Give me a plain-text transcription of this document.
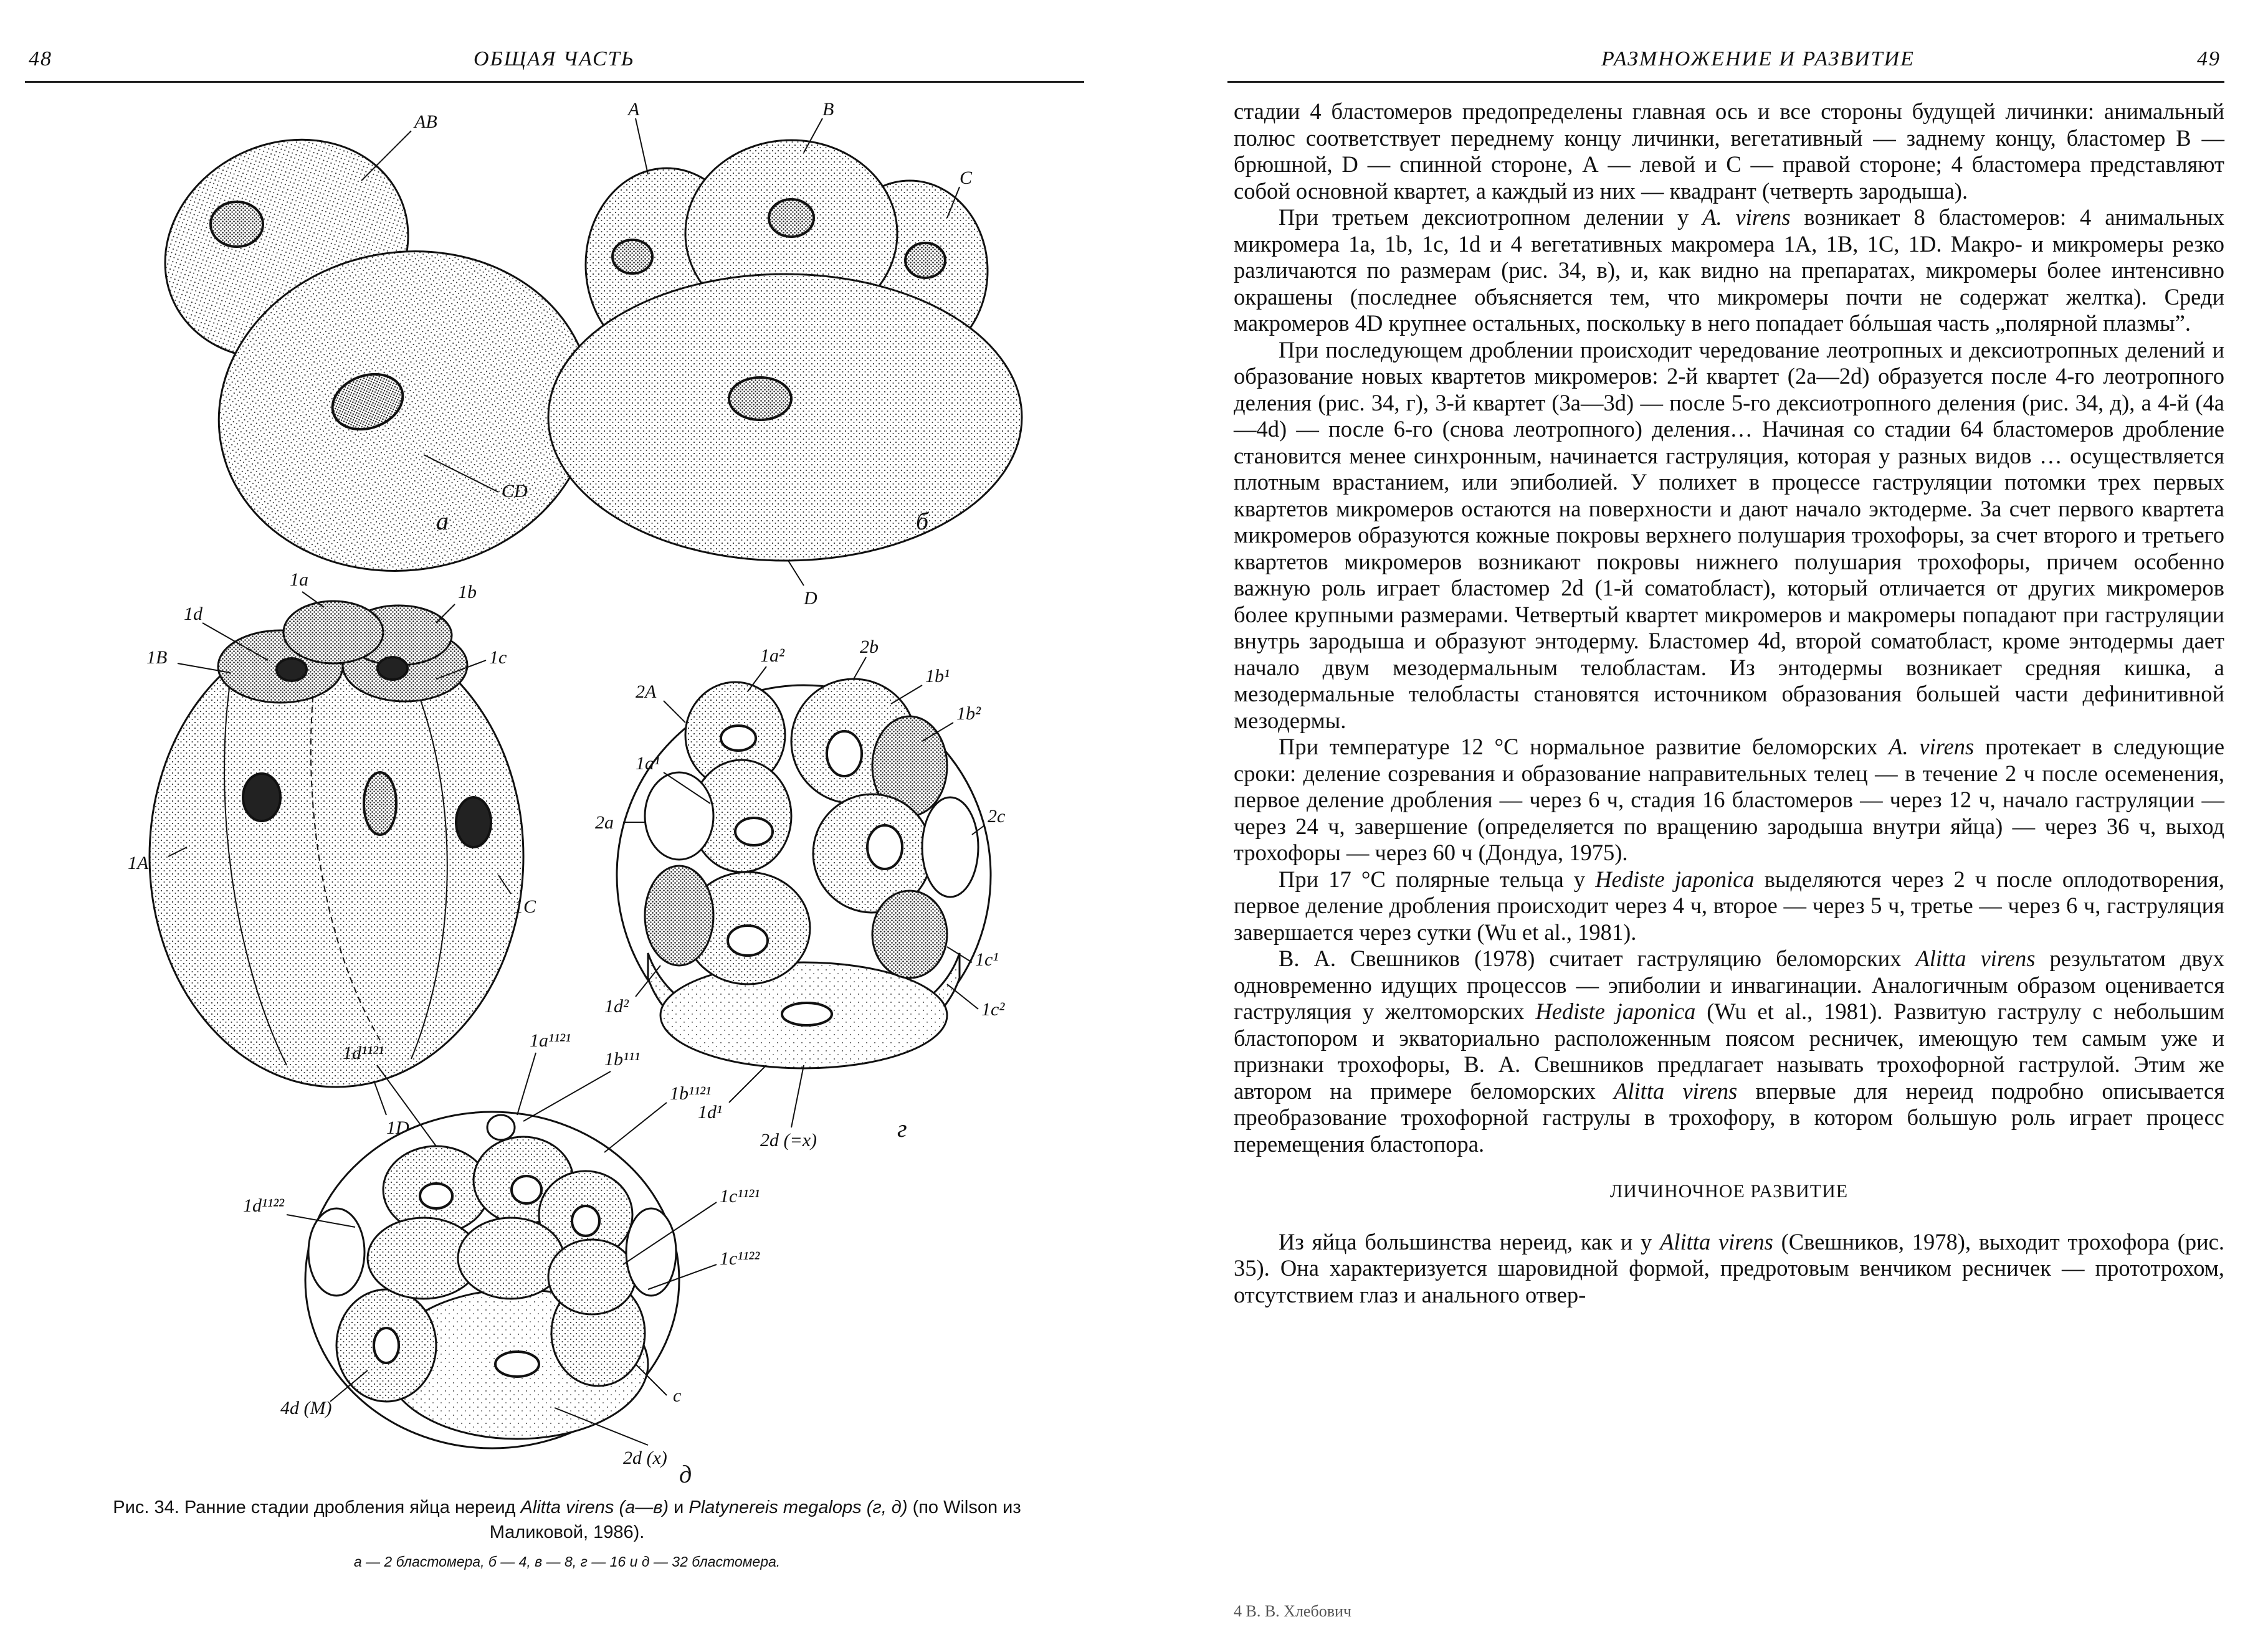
48	ОБЩАЯ ЧАСТЬ
AB
CD
а
A	B
C
D
б
1a
1b
1d
1B	1c
1A
1C
1D
1a²	2b
2A
1b¹
1b²
1a¹
2a	2c
1d²
1c¹
1c²
1d¹
2d (=x)	г
1a¹¹²¹
1d¹¹²¹	1b¹¹¹
1b¹¹²¹
1d¹¹²²	1c¹¹²¹
1c¹¹²²
4d (M)
c
2d (x)
д
Рис. 34. Ранние стадии дробления яйца нереид Alitta virens (а—в) и Platynereis megalops (г, д) (по Wilson из Маликовой, 1986).
а — 2 бластомера, б — 4, в — 8, г — 16 и д — 32 бластомера.
РАЗМНОЖЕНИЕ И РАЗВИТИЕ	49

стадии 4 бластомеров предопределены главная ось и все стороны будущей личинки: анимальный полюс соответствует переднему концу личинки, вегетативный — заднему концу, бластомер В — брюшной, D — спинной стороне, А — левой и С — правой стороне; 4 бластомера представляют собой основной квартет, а каждый из них — квадрант (четверть зародыша).

При третьем дексиотропном делении у A. virens возникает 8 бластомеров: 4 анимальных микромера 1a, 1b, 1c, 1d и 4 вегетативных макромера 1A, 1B, 1C, 1D. Макро- и микромеры резко различаются по размерам (рис. 34, в), и, как видно на препаратах, микромеры более интенсивно окрашены (последнее объясняется тем, что микромеры почти не содержат желтка). Среди макромеров 4D крупнее остальных, поскольку в него попадает бóльшая часть „полярной плазмы”.

При последующем дроблении происходит чередование леотропных и дексиотропных делений и образование новых квартетов микромеров: 2-й квартет (2a—2d) образуется после 4-го леотропного деления (рис. 34, г), 3-й квартет (3a—3d) — после 5-го дексиотропного деления (рис. 34, д), а 4-й (4a—4d) — после 6-го (снова леотропного) деления… Начиная со стадии 64 бластомеров дробление становится менее синхронным, начинается гаструляция, которая у разных видов … осуществляется плотным врастанием, или эпиболией. У полихет в процессе гаструляции потомки трех первых квартетов микромеров остаются на поверхности и дают начало эктодерме. За счет первого квартета микромеров образуются кожные покровы верхнего полушария трохофоры, за счет второго и третьего квартетов микромеров возникают покровы нижнего полушария трохофоры, причем особенно важную роль играет бластомер 2d (1-й соматобласт), который отличается от других микромеров более крупными размерами. Четвертый квартет микромеров и макромеры попадают при гаструляции внутрь зародыша и образуют энтодерму. Бластомер 4d, второй соматобласт, кроме энтодермы дает начало двум мезодермальным телобластам. Из энтодермы возникает средняя кишка, а мезодермальные телобласты становятся источником образования большей части дефинитивной мезодермы.

При температуре 12 °C нормальное развитие беломорских A. virens протекает в следующие сроки: деление созревания и образование направительных телец — в течение 2 ч после осеменения, первое деление дробления — через 6 ч, стадия 16 бластомеров — через 12 ч, начало гаструляции — через 24 ч, завершение (определяется по вращению зародыша внутри яйца) — через 36 ч, выход трохофоры — через 60 ч (Дондуа, 1975).

При 17 °C полярные тельца у Hediste japonica выделяются через 2 ч после оплодотворения, первое деление дробления происходит через 4 ч, второе — через 5 ч, третье — через 6 ч, гаструляция завершается через сутки (Wu et al., 1981).

В. А. Свешников (1978) считает гаструляцию беломорских Alitta virens результатом двух одновременно идущих процессов — эпиболии и инвагинации. Аналогичным образом оценивается гаструляция у желтоморских Hediste japonica (Wu et al., 1981). Развитую гаструлу с небольшим бластопором и экваториально расположенным поясом ресничек, имеющую тем самым уже и признаки трохофоры, В. А. Свешников предлагает называть трохофорной гаструлой. Этим же автором на примере беломорских Alitta virens впервые для нереид подробно описывается преобразование трохофорной гаструлы в трохофору, в котором большую роль играет процесс перемещения бластопора.

ЛИЧИНОЧНОЕ РАЗВИТИЕ

Из яйца большинства нереид, как и у Alitta virens (Свешников, 1978), выходит трохофора (рис. 35). Она характеризуется шаровидной формой, предротовым венчиком ресничек — прототрохом, отсутствием глаз и анального отвер-

4 В. В. Хлебович
